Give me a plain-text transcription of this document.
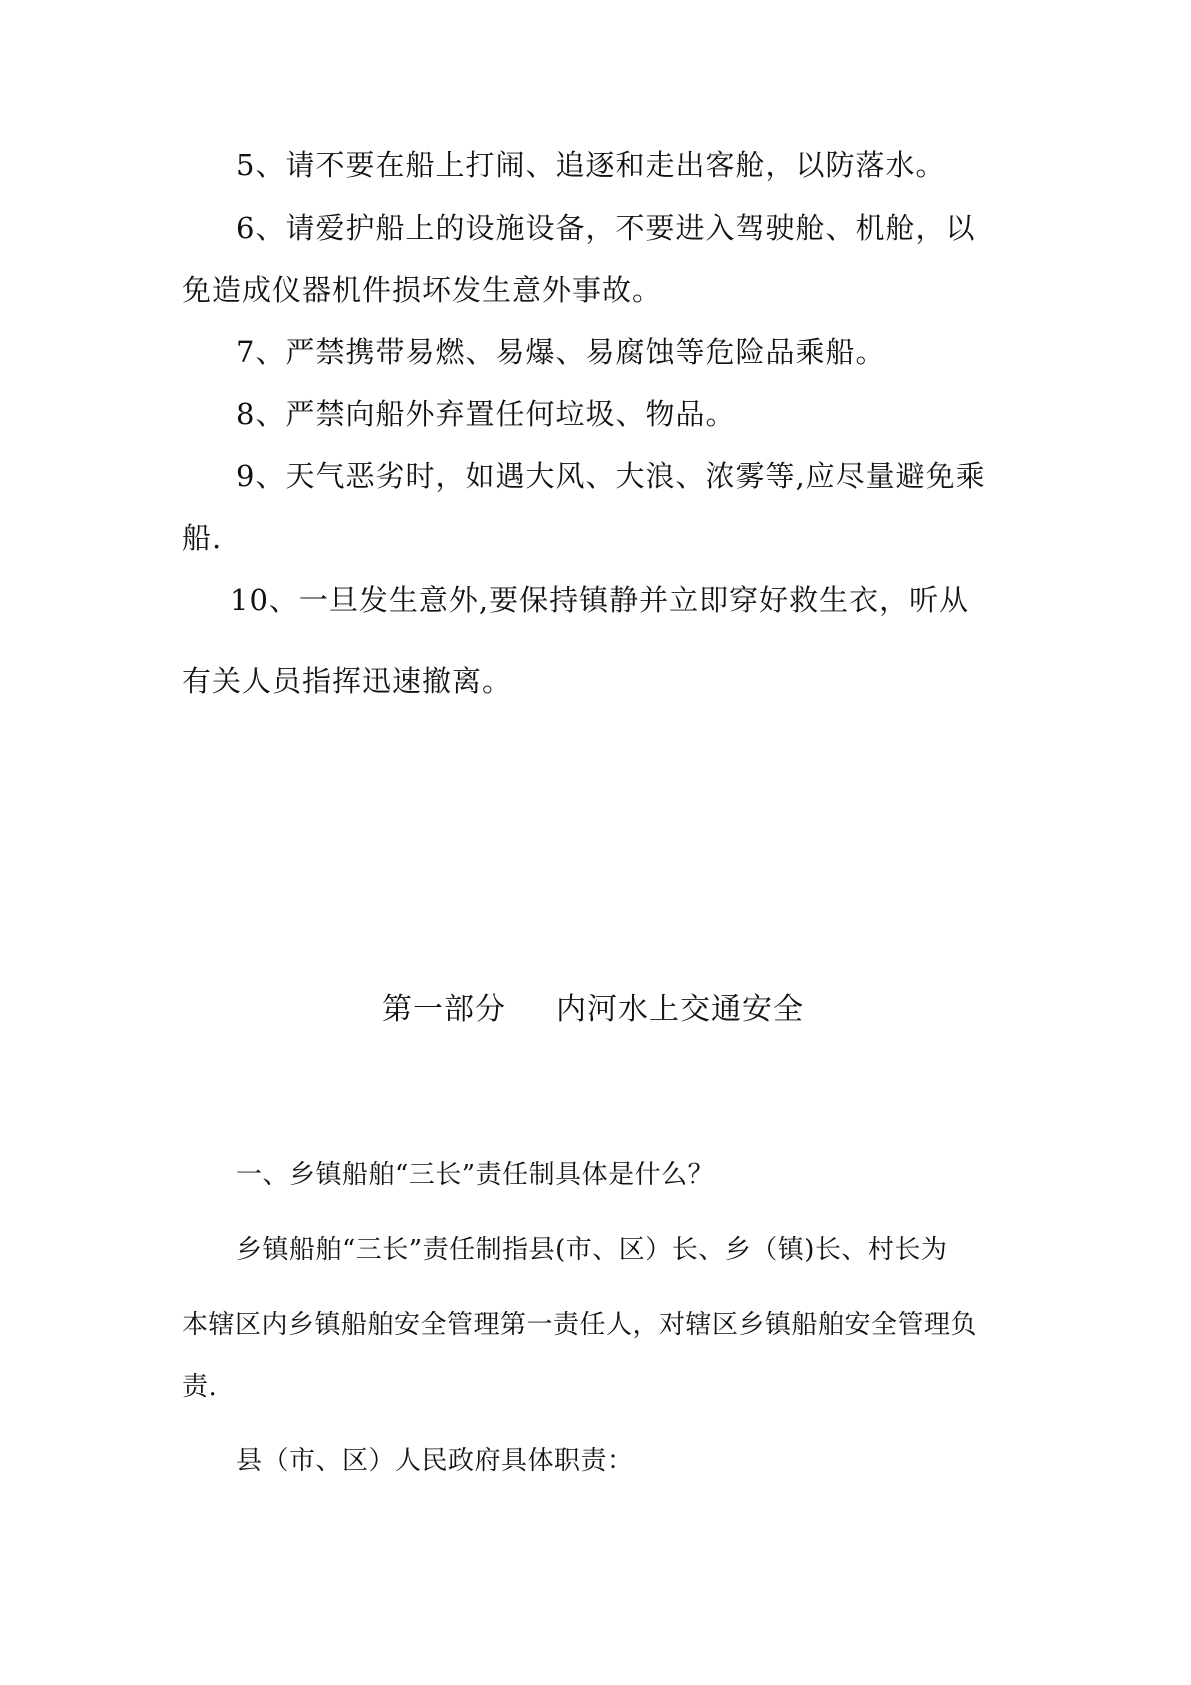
5、请不要在船上打闹、追逐和走出客舱，以防落水。
6、请爱护船上的设施设备，不要进入驾驶舱、机舱，以
免造成仪器机件损坏发生意外事故。
7、严禁携带易燃、易爆、易腐蚀等危险品乘船。
8、严禁向船外弃置任何垃圾、物品。
9、天气恶劣时，如遇大风、大浪、浓雾等,应尽量避免乘
船.
10、一旦发生意外,要保持镇静并立即穿好救生衣，听从
有关人员指挥迅速撤离。
第一部分 内河水上交通安全
一、乡镇船舶“三长”责任制具体是什么？
乡镇船舶“三长”责任制指县(市、区）长、乡（镇)长、村长为
本辖区内乡镇船舶安全管理第一责任人，对辖区乡镇船舶安全管理负
责.
县（市、区）人民政府具体职责：
